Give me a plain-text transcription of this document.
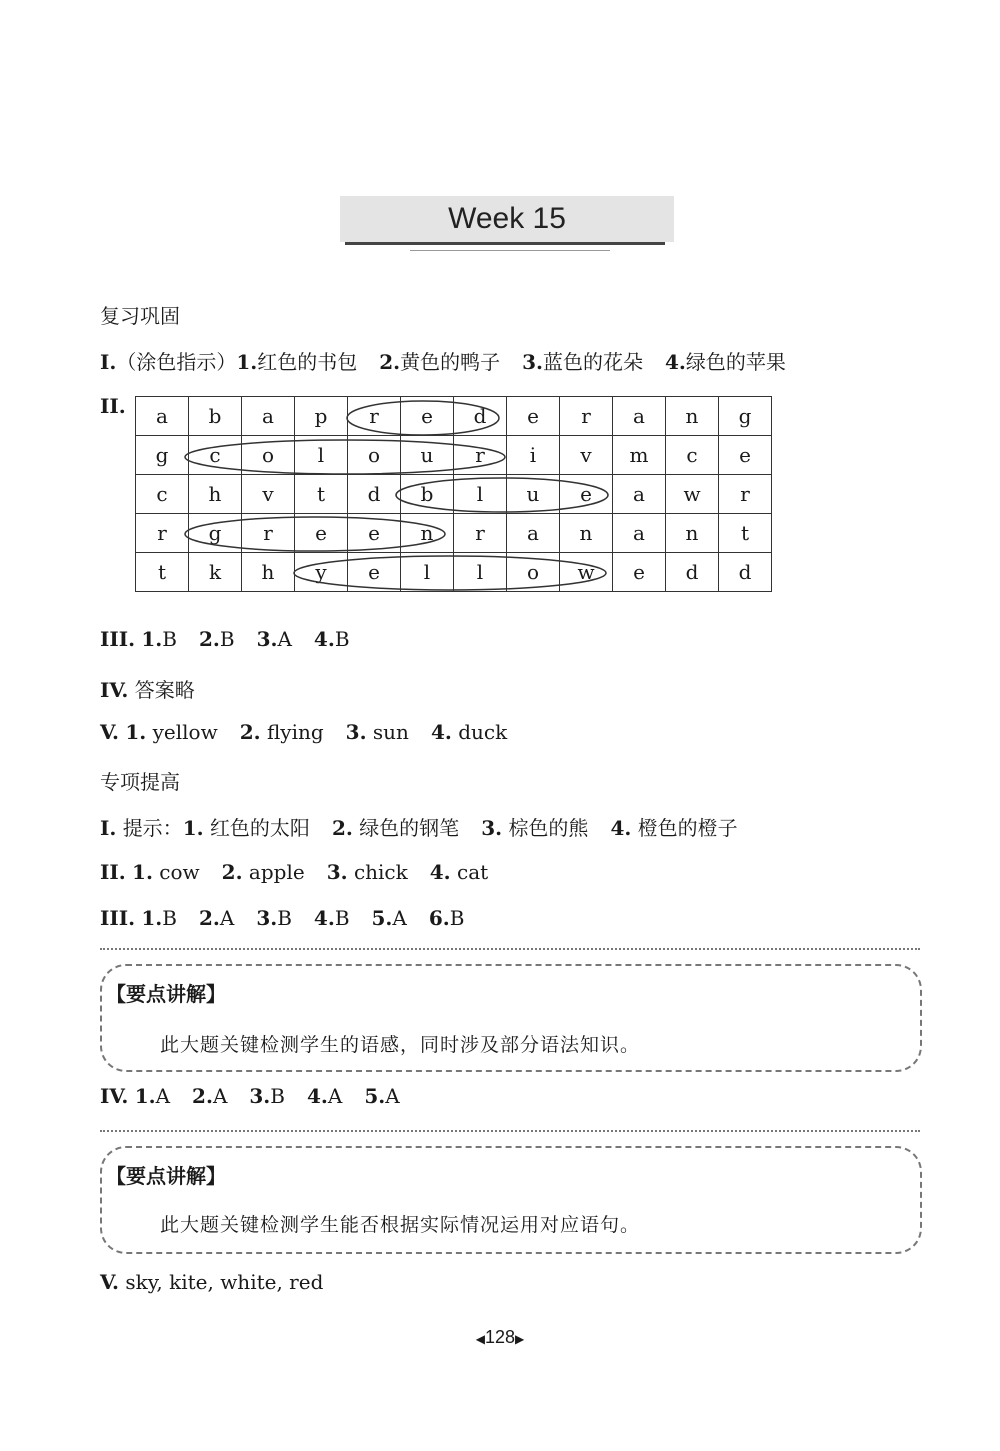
Week 15
复习巩固
I.（涂色指示）1.红色的书包 2.黄色的鸭子 3.蓝色的花朵 4.绿色的苹果
II. a	b	a	p	r	e	d	e	r	a	n	g
g	c	o	l	o	u	r	i	v	m	c	e
c	h	v	t	d	b	l	u	e	a	w	r
r	g	r	e	e	n	r	a	n	a	n	t
t	k	h	y	e	l	l	o	w	e	d	d
III. 1.B 2.B 3.A 4.B
IV. 答案略
V. 1. yellow 2. flying 3. sun 4. duck
专项提高
I. 提示：1. 红色的太阳 2. 绿色的钢笔 3. 棕色的熊 4. 橙色的橙子
II. 1. cow 2. apple 3. chick 4. cat
III. 1.B 2.A 3.B 4.B 5.A 6.B
【要点讲解】
此大题关键检测学生的语感，同时涉及部分语法知识。
IV. 1.A 2.A 3.B 4.A 5.A
【要点讲解】
此大题关键检测学生能否根据实际情况运用对应语句。
V. sky, kite, white, red
◀128▶
